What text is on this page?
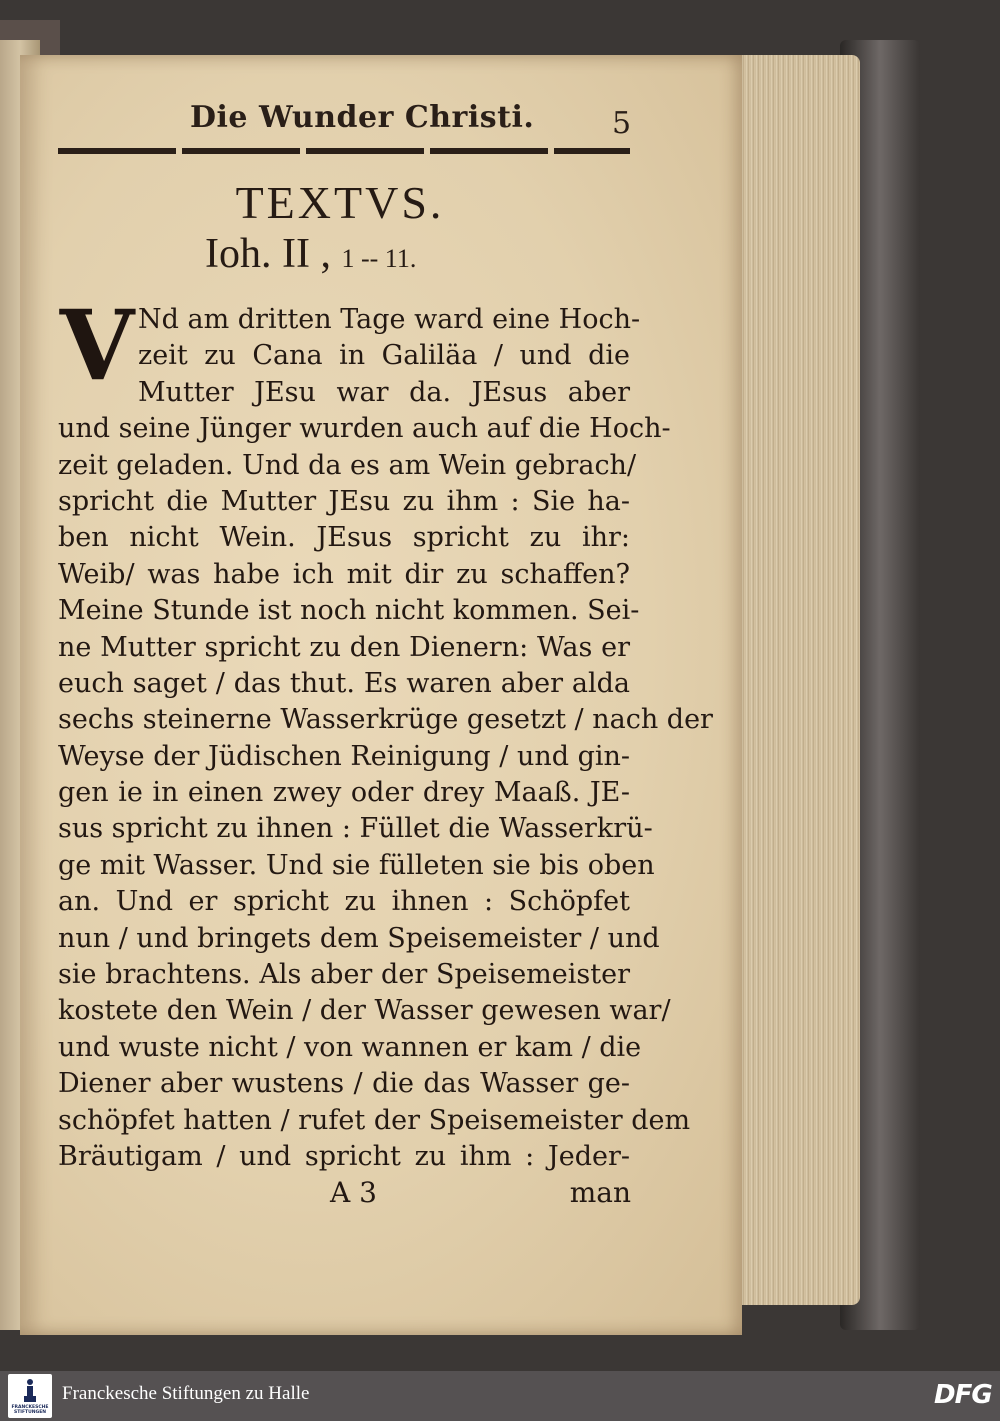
Die Wunder Christi.	5
TEXTVS.
Ioh. II , 1 -- 11.
V Nd am dritten Tage ward eine Hoch-
zeit zu Cana in Galiläa / und die
Mutter JEsu war da. JEsus aber
und seine Jünger wurden auch auf die Hoch-
zeit geladen. Und da es am Wein gebrach/
spricht die Mutter JEsu zu ihm : Sie ha-
ben nicht Wein. JEsus spricht zu ihr:
Weib/ was habe ich mit dir zu schaffen?
Meine Stunde ist noch nicht kommen. Sei-
ne Mutter spricht zu den Dienern: Was er
euch saget / das thut. Es waren aber alda
sechs steinerne Wasserkrüge gesetzt / nach der
Weyse der Jüdischen Reinigung / und gin-
gen ie in einen zwey oder drey Maaß. JE-
sus spricht zu ihnen : Füllet die Wasserkrü-
ge mit Wasser. Und sie fülleten sie bis oben
an. Und er spricht zu ihnen : Schöpfet
nun / und bringets dem Speisemeister / und
sie brachtens. Als aber der Speisemeister
kostete den Wein / der Wasser gewesen war/
und wuste nicht / von wannen er kam / die
Diener aber wustens / die das Wasser ge-
schöpfet hatten / rufet der Speisemeister dem
Bräutigam / und spricht zu ihm : Jeder-
A 3	man
FRANCKESCHE STIFTUNGEN
Franckesche Stiftungen zu Halle	DFG
